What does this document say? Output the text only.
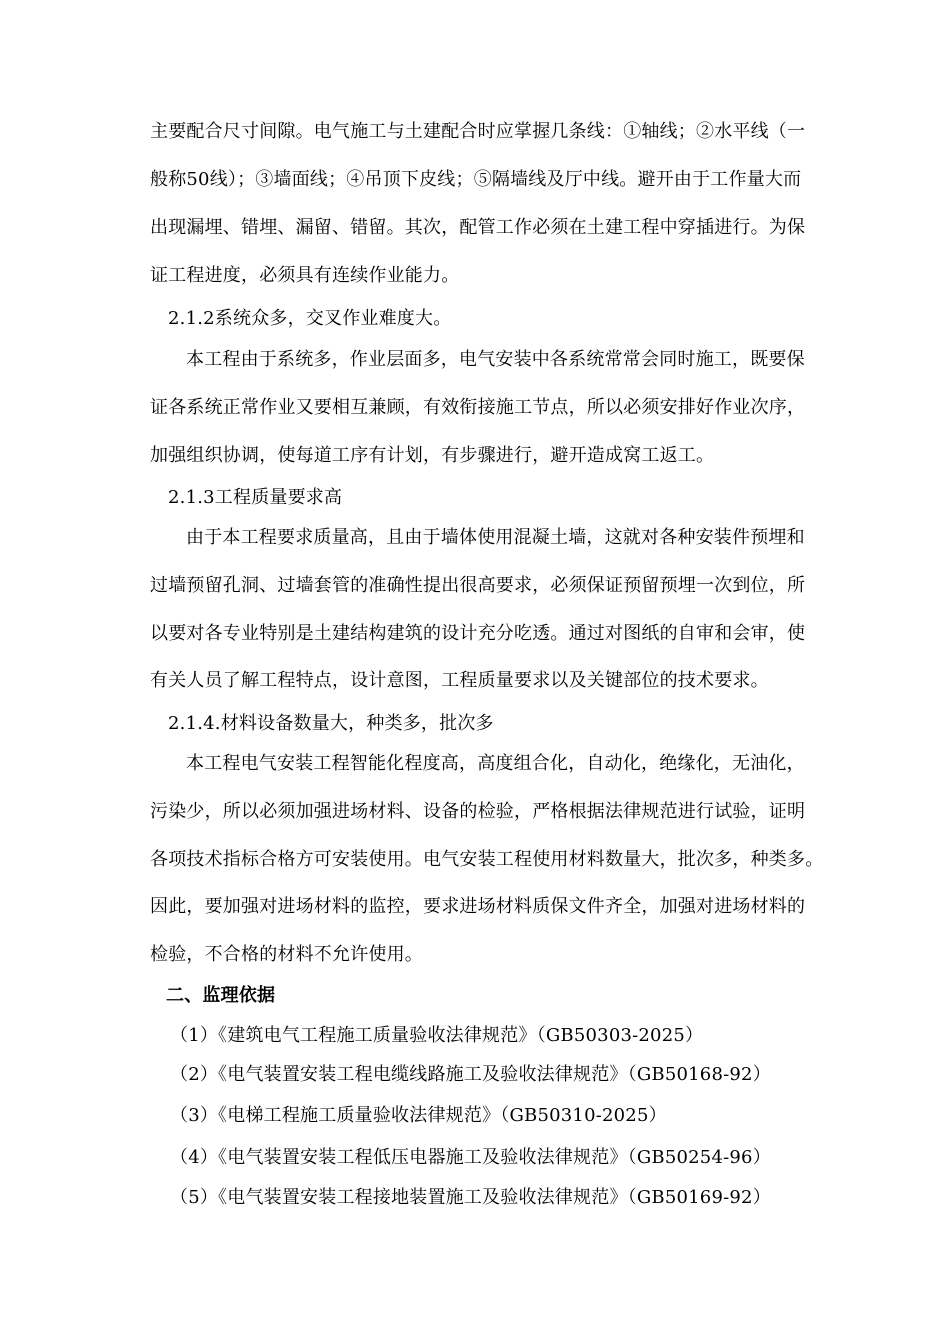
主要配合尺寸间隙。电气施工与土建配合时应掌握几条线：①轴线；②水平线（一
般称50线）；③墙面线；④吊顶下皮线；⑤隔墙线及厅中线。避开由于工作量大而
出现漏埋、错埋、漏留、错留。其次，配管工作必须在土建工程中穿插进行。为保
证工程进度，必须具有连续作业能力。
2.1.2系统众多，交叉作业难度大。
本工程由于系统多，作业层面多，电气安装中各系统常常会同时施工，既要保
证各系统正常作业又要相互兼顾，有效衔接施工节点，所以必须安排好作业次序，
加强组织协调，使每道工序有计划，有步骤进行，避开造成窝工返工。
2.1.3工程质量要求高
由于本工程要求质量高，且由于墙体使用混凝土墙，这就对各种安装件预埋和
过墙预留孔洞、过墙套管的准确性提出很高要求，必须保证预留预埋一次到位，所
以要对各专业特别是土建结构建筑的设计充分吃透。通过对图纸的自审和会审，使
有关人员了解工程特点，设计意图，工程质量要求以及关键部位的技术要求。
2.1.4.材料设备数量大，种类多，批次多
本工程电气安装工程智能化程度高，高度组合化，自动化，绝缘化，无油化，
污染少，所以必须加强进场材料、设备的检验，严格根据法律规范进行试验，证明
各项技术指标合格方可安装使用。电气安装工程使用材料数量大，批次多，种类多。
因此，要加强对进场材料的监控，要求进场材料质保文件齐全，加强对进场材料的
检验，不合格的材料不允许使用。
二、监理依据
（1）《建筑电气工程施工质量验收法律规范》（GB50303-2025）
（2）《电气装置安装工程电缆线路施工及验收法律规范》（GB50168-92）
（3）《电梯工程施工质量验收法律规范》（GB50310-2025）
（4）《电气装置安装工程低压电器施工及验收法律规范》（GB50254-96）
（5）《电气装置安装工程接地装置施工及验收法律规范》（GB50169-92）
